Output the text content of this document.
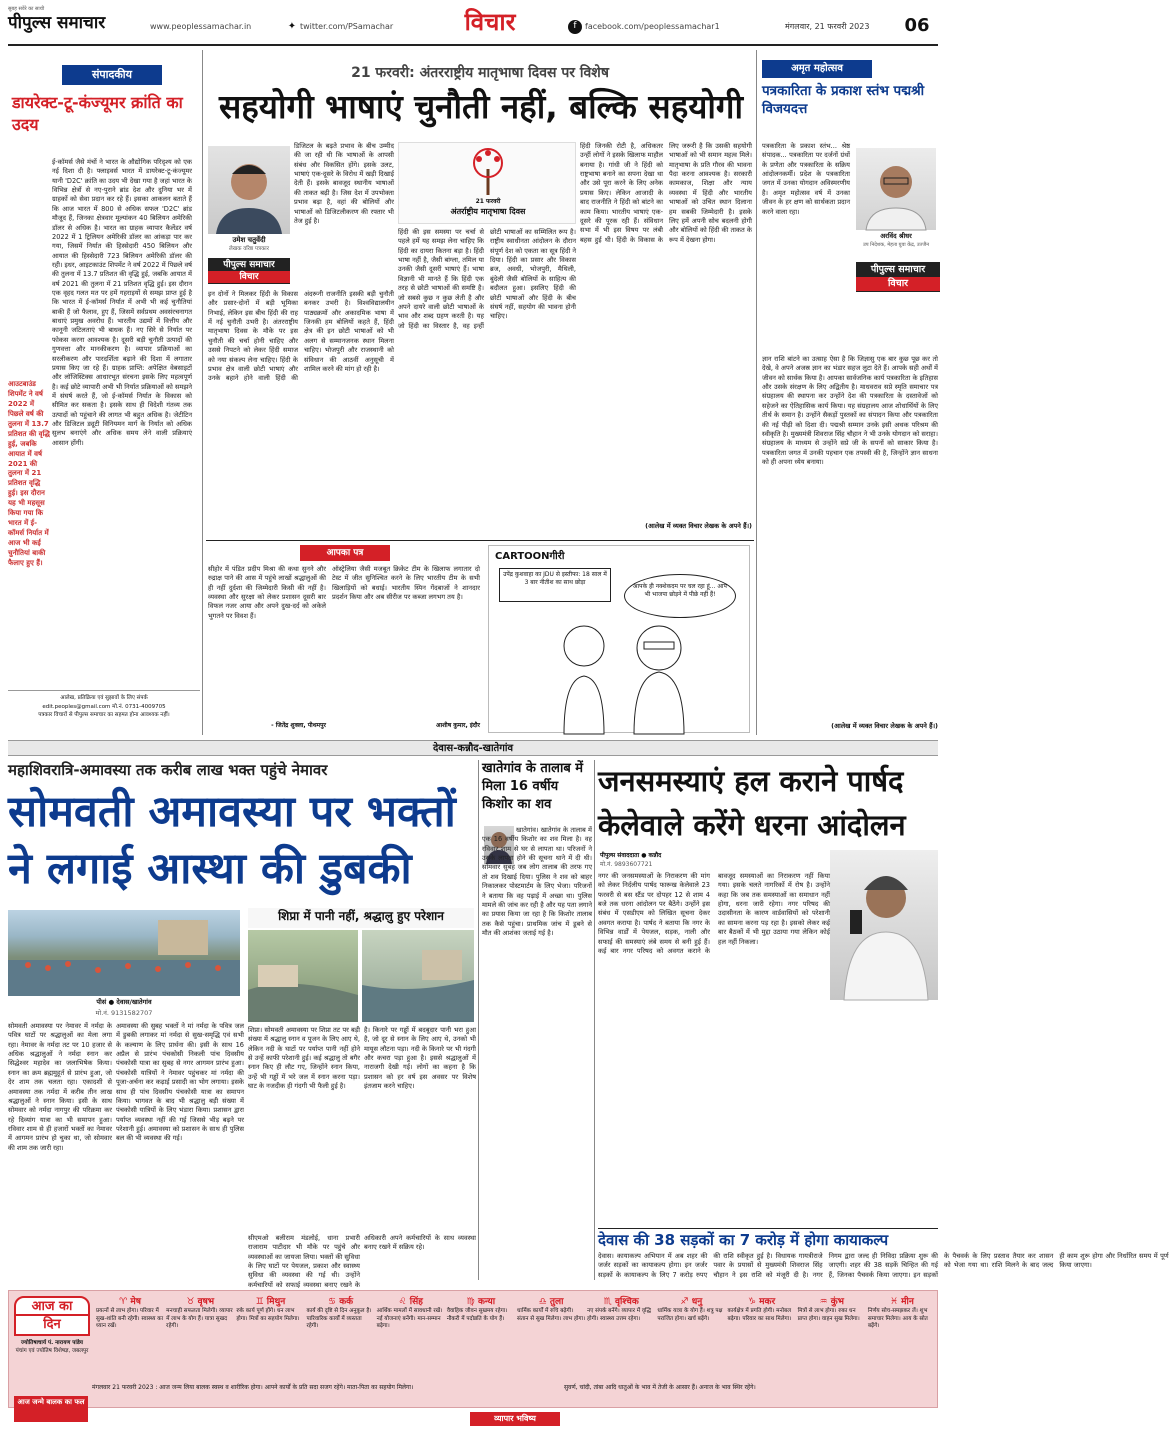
सुबह सवेरे का साथी
पीपुल्स समाचार	www.peoplessamachar.in	✦ twitter.com/PSamachar	विचार	f	facebook.com/peoplessamachar1	मंगलवार, 21 फरवरी 2023	06
संपादकीय
डायरेक्ट-टू-कंज्यूमर क्रांति का उदय
ई-कॉमर्स जैसे मंचों ने भारत के औद्योगिक परिदृश्य को एक नई दिशा दी है। फ्लाइवर्स भारत में डायरेक्ट-टू-कंज्यूमर यानी 'D2C' क्रांति का उदय भी देखा गया है जहां भारत के विभिन्न क्षेत्रों से नए-पुराने ब्रांड देश और दुनिया भर में ग्राहकों को सेवा प्रदान कर रहे हैं। इसका आकलन बताते हैं कि आज भारत में 800 से अधिक सफल 'D2C' ब्रांड मौजूद हैं, जिनका क्षेत्रवार मूल्यांकन 40 बिलियन अमेरिकी डॉलर से अधिक है। भारत का ग्राहक व्यापार कैलेंडर वर्ष 2022 में 1 ट्रिलियन अमेरिकी डॉलर का आंकड़ा पार कर गया, जिसमें निर्यात की हिस्सेदारी 450 बिलियन और आयात की हिस्सेदारी 723 बिलियन अमेरिकी डॉलर की रही। इधर, आइटकाउंट शिपमेंट ने वर्ष 2022 में पिछले वर्ष की तुलना में 13.7 प्रतिशत की वृद्धि हुई, जबकि आयात में वर्ष 2021 की तुलना में 21 प्रतिशत वृद्धि हुई। इस दौरान एक वृहद गलत मत पर हमें गहराइयों से समझ प्राप्त हुई है कि भारत में ई-कॉमर्स निर्यात में अभी भी कई चुनौतियां बाकी हैं जो फैलाव, हुए हैं, जिसमें सर्वप्रथम अवसंरचनागत बाधाएं प्रमुख अवरोध हैं। भारतीय उद्यमों में वित्तीय और कानूनी जटिलताएं भी बाधक हैं। नए सिरे से निर्यात पर फोकस करना आवश्यक है। दूसरी बड़ी चुनौती उत्पादों की गुणवत्ता और मानकीकरण है। व्यापार प्रक्रियाओं का सरलीकरण और पारदर्शिता बढ़ाने की दिशा में लगातार प्रयास किए जा रहे हैं। ग्राहक प्राप्ति: अपेक्षित वेबसाइटों और लॉजिस्टिक्स आधारभूत संरचना इसके लिए महत्वपूर्ण है। कई छोटे व्यापारी अभी भी निर्यात प्रक्रियाओं को समझने में संघर्ष करते हैं, जो ई-कॉमर्स निर्यात के विकास को सीमित कर सकता है। इसके साथ ही विदेशी गंतव्य तक उत्पादों को पहुंचाने की लागत भी बहुत अधिक है। जेटीटिन और डिजिटल ड्यूटी विनियमन मार्ग के निर्यात को अधिक सुलभ बनाएंगे और अधिक समय लेने वाली प्रक्रियाएं आसान होंगी।
आउटबाउंड शिपमेंट ने वर्ष 2022 में पिछले वर्ष की तुलना में 13.7 प्रतिशत की वृद्धि हुई, जबकि आयात में वर्ष 2021 की तुलना में 21 प्रतिशत वृद्धि हुई। इस दौरान यह भी महसूस किया गया कि भारत में ई-कॉमर्स निर्यात में आज भी कई चुनौतियां बाकी फैलाए हुए हैं।
आलेख, प्रतिक्रिया एवं सुझावों के लिए संपर्क
edit.peoples@gmail.com मो.नं. 0731-4009705
पत्रकार विचारों से पीपुल्स समाचार का सहमत होना आवश्यक नहीं।
21 फरवरी: अंतरराष्ट्रीय मातृभाषा दिवस पर विशेष
सहयोगी भाषाएं चुनौती नहीं, बल्कि सहयोगी
उमेश चतुर्वेदी
लेखक वरिष्ठ पत्रकार
पीपुल्स समाचार
विचार
डिजिटल के बढ़ते प्रभाव के बीच उम्मीद की जा रही थी कि भाषाओं के आपसी संबंध और विकसित होंगे। इसके उलट, भाषाएं एक-दूसरे के विरोध में खड़ी दिखाई देती हैं। इसके बावजूद स्थानीय भाषाओं की ताकत बढ़ी है। जिस देश में उपभोक्ता प्रभाव बढ़ा है, वहां की बोलियों और भाषाओं को डिजिटलीकरण की रफ्तार भी तेज हुई है।
इन दोनों ने मिलकर हिंदी के विकास और प्रसार-दोनों में बड़ी भूमिका निभाई, लेकिन इस बीच हिंदी की राह में नई चुनौती उभरी है। अंतरराष्ट्रीय मातृभाषा दिवस के मौके पर इस चुनौती की चर्चा होनी चाहिए और उससे निपटने को लेकर हिंदी समाज को नया संकल्प लेना चाहिए। हिंदी के प्रभाव क्षेत्र वाली छोटी भाषाएं और उनके बहाने होने वाली हिंदी की अंदरूनी राजनीति इसकी बड़ी चुनौती बनकर उभरी है। विश्वविद्यालयीन पाठ्यक्रमों और अकादमिक भाषा में जिनकी हम बोलियों कहते हैं, हिंदी क्षेत्र की इन छोटी भाषाओं को भी अलग से सम्मानजनक स्थान मिलना चाहिए। भोजपुरी और राजस्थानी को संविधान की आठवीं अनुसूची में शामिल करने की मांग हो रही है।
21 फरवरी
अंतर्राष्ट्रीय मातृभाषा दिवस
हिंदी की इस समस्या पर चर्चा से पहले हमें यह समझ लेना चाहिए कि हिंदी का दायरा कितना बड़ा है। हिंदी भाषा नहीं है, जैसी बांग्ला, तमिल या उनकी जैसी दूसरी भाषाएं हैं। भाषा विज्ञानी भी मानते हैं कि हिंदी एक तरह से छोटी भाषाओं की समष्टि है। जो सबसे कुछ न कुछ लेती है और अपने दायरे वाली छोटी भाषाओं के भाव और शब्द ग्रहण करती है। यह जो हिंदी का विस्तार है, वह इन्हीं छोटी भाषाओं का सम्मिलित रूप है। राष्ट्रीय स्वाधीनता आंदोलन के दौरान संपूर्ण देश को एकता का सूत्र हिंदी ने दिया। हिंदी का प्रसार और विकास ब्रज, अवधी, भोजपुरी, मैथिली, बुंदेली जैसी बोलियों के साहित्य की बदौलत हुआ। इसलिए हिंदी की छोटी भाषाओं और हिंदी के बीच संघर्ष नहीं, सहयोग की भावना होनी चाहिए।
हिंदी जिनकी रोटी है, अधिकतर उन्हीं लोगों ने इसके खिलाफ माहौल बनाया है। गांधी जी ने हिंदी को राष्ट्रभाषा बनाने का सपना देखा था और उसे पूरा करने के लिए अनेक प्रयास किए। लेकिन आजादी के बाद राजनीति ने हिंदी को बांटने का काम किया। भारतीय भाषाएं एक-दूसरे की पूरक रही हैं। संविधान सभा में भी इस विषय पर लंबी बहस हुई थी। हिंदी के विकास के लिए जरूरी है कि उसकी सहयोगी भाषाओं को भी समान महत्व मिले। मातृभाषा के प्रति गौरव की भावना पैदा करना आवश्यक है। सरकारी कामकाज, शिक्षा और न्याय व्यवस्था में हिंदी और भारतीय भाषाओं को उचित स्थान दिलाना हम सबकी जिम्मेदारी है। इसके लिए हमें अपनी सोच बदलनी होगी और बोलियों को हिंदी की ताकत के रूप में देखना होगा।
(आलेख में व्यक्त विचार लेखक के अपने हैं।)
आपका पत्र
सीहोर में पंडित प्रदीप मिश्रा की कथा सुनने और रुद्राक्ष पाने की आस में पहुंचे लाखों श्रद्धालुओं की ही नहीं दुर्दशा की जिम्मेदारी किसी की नहीं है। व्यवस्था और सुरक्षा को लेकर प्रशासन दूसरी बार विफल नजर आया और अपने दुख-दर्द को अकेले भुगतने पर विवश हैं।
- जितेंद्र शुक्ला, पीथमपुर
ऑस्ट्रेलिया जैसी मजबूत क्रिकेट टीम के खिलाफ लगातार दो टेस्ट में जीत सुनिश्चित करने के लिए भारतीय टीम के सभी खिलाड़ियों को बधाई। भारतीय स्पिन गेंदबाजों ने शानदार प्रदर्शन किया और अब सीरीज पर कब्जा लगभग तय है।
आशीष कुमार, इंदौर
CARTOONगीरी
उपेंद्र कुशवाहा का JDU से इस्तीफा: 18 साल में 3 बार नीतीश का साथ छोड़ा
आपके ही नक्शेकदम पर चल रहा हूं... आप भी भाजपा छोड़ने में पीछे नहीं हैं!
अमृत महोत्सव
पत्रकारिता के प्रकाश स्तंभ पद्मश्री विजयदत्त
पत्रकारिता के प्रकाश स्तंभ... श्रेष्ठ संपादक... पत्रकारिता पर दर्जनों ग्रंथों के प्रणेता और पत्रकारिता के सक्रिय आंदोलनकर्मी। प्रदेश के पत्रकारिता जगत में उनका योगदान अविस्मरणीय है। अमृत महोत्सव वर्ष में उनका जीवन के हर क्षण को सार्थकता प्रदान करने वाला रहा।
अरविंद श्रीधर
उप निदेशक, मेहता युवा केंद्र, उज्जैन
पीपुल्स समाचार
विचार
ज्ञान राशि बांटने का उत्साह ऐसा है कि जिज्ञासु एक बार कुछ पूछ कर तो देखे, वे अपने अजस्र ज्ञान का भंडार सहज लुटा देते हैं। आपके सही अर्थों में जीवन को सार्थक किया है। आपका सार्वजनिक कार्य पत्रकारिता के इतिहास और उसके संरक्षण के लिए अद्वितीय है। माधवराव सप्रे स्मृति समाचार पत्र संग्रहालय की स्थापना कर उन्होंने देश की पत्रकारिता के दस्तावेजों को सहेजने का ऐतिहासिक कार्य किया। यह संग्रहालय आज शोधार्थियों के लिए तीर्थ के समान है। उन्होंने सैकड़ों पुस्तकों का संपादन किया और पत्रकारिता की नई पीढ़ी को दिशा दी। पद्मश्री सम्मान उनके इसी अथक परिश्रम की स्वीकृति है। मुख्यमंत्री शिवराज सिंह चौहान ने भी उनके योगदान को सराहा। संग्रहालय के माध्यम से उन्होंने सप्रे जी के सपनों को साकार किया है। पत्रकारिता जगत में उनकी पहचान एक तपस्वी की है, जिन्होंने ज्ञान साधना को ही अपना ध्येय बनाया।
(आलेख में व्यक्त विचार लेखक के अपने हैं।)
देवास-कन्नौद-खातेगांव
महाशिवरात्रि-अमावस्या तक करीब लाख भक्त पहुंचे नेमावर
सोमवती अमावस्या पर भक्तों ने लगाई आस्था की डुबकी
पीसं ● देवास/खातेगांव
मो.नं. 9131582707
सोमवती अमावस्या पर नेमावर में नर्मदा के पवित्र घाटों पर श्रद्धालुओं का मेला लगा रहा। नेमावर के नर्मदा तट पर 10 हजार से अधिक श्रद्धालुओं ने नर्मदा स्नान कर सिद्धेश्वर महादेव का जलाभिषेक किया। स्नान का क्रम ब्रह्ममुहूर्त से प्रारंभ हुआ, जो देर शाम तक चलता रहा। एकादशी से अमावस्या तक नर्मदा में करीब तीन लाख श्रद्धालुओं ने स्नान किया। इसी के साथ सोमवार को नर्मदा नागपुर की परिक्रमा कर रहे दिव्यांग यात्रा का भी समापन हुआ। रविवार शाम से ही हजारों भक्तों का नेमावर में आगमन प्रारंभ हो चुका था, जो सोमवार की शाम तक जारी रहा।
अमावस्या की सुबह भक्तों ने मां नर्मदा के पवित्र जल में डुबकी लगाकर मां नर्मदा से सुख-समृद्धि एवं सभी के कल्याण के लिए प्रार्थना की। इसी के साथ 16 अप्रैल से प्रारंभ पंचकोसी निकली पांच दिवसीय पंचकोसी यात्रा का सुबह से नगर आगमन प्रारंभ हुआ। पंचकोसी यात्रियों ने नेमावर पहुंचकर मां नर्मदा की पूजा-अर्चना कर कढ़ाई प्रसादी का भोग लगाया। इसके साथ ही पांच दिवसीय पंचकोसी यात्रा का समापन किया। भागवत के बाद भी श्रद्धालु बड़ी संख्या में पंचकोसी यात्रियों के लिए भंडारा किया। प्रशासन द्वारा पर्याप्त व्यवस्था नहीं की गई जिससे भीड़ बढ़ने पर परेशानी हुई। अमावस्या को प्रशासन के साथ ही पुलिस बल की भी व्यवस्था की गई।
शिप्रा में पानी नहीं, श्रद्धालु हुए परेशान
शिप्रा। सोमवती अमावस्या पर शिप्रा तट पर बड़ी संख्या में श्रद्धालु स्नान व पूजन के लिए आए थे, लेकिन नदी के घाटों पर पर्याप्त पानी नहीं होने से उन्हें काफी परेशानी हुई। कई श्रद्धालु तो बगैर स्नान किए ही लौट गए, जिन्होंने स्नान किया, उन्हें भी गड्ढों में भरे जल में स्नान करना पड़ा। घाट के नजदीक ही गंदगी भी फैली हुई है।
है। किनारे पर गड्ढों में बदबूदार पानी भरा हुआ है, जो दूर से स्नान के लिए आए थे, उनको भी मायूस लौटना पड़ा। नदी के किनारे पर भी गंदगी और कचरा पड़ा हुआ है। इससे श्रद्धालुओं में नाराजगी देखी गई। लोगों का कहना है कि प्रशासन को हर वर्ष इस अवसर पर विशेष इंतजाम करने चाहिए।
सीएमओ बलीराम मंडलोई, धाना प्रभारी राजाराम पाटीदार भी मौके पर पहुंचे और व्यवस्थाओं का जायजा लिया। भक्तों की सुविधा के लिए घाटों पर पेयजल, प्रकाश और स्वास्थ्य सुविधा की व्यवस्था की गई थी। उन्होंने कर्मचारियों को सफाई व्यवस्था बनाए रखने के
अधिकारी अपने कर्मचारियों के साथ व्यवस्था बनाए रखने में सक्रिय रहे।
खातेगांव के तालाब में मिला 16 वर्षीय किशोर का शव
खातेगांव। खातेगांव के तालाब में एक 16 वर्षीय किशोर का शव मिला है। वह रविवार शाम से घर से लापता था। परिजनों ने उसके लापता होने की सूचना थाने में दी थी। सोमवार सुबह जब लोग तालाब की तरफ गए तो शव दिखाई दिया। पुलिस ने शव को बाहर निकालकर पोस्टमार्टम के लिए भेजा। परिजनों ने बताया कि वह पढ़ाई में अच्छा था। पुलिस मामले की जांच कर रही है और यह पता लगाने का प्रयास किया जा रहा है कि किशोर तालाब तक कैसे पहुंचा। प्राथमिक जांच में डूबने से मौत की आशंका जताई गई है।
जनसमस्याएं हल कराने पार्षद केलेवाले करेंगे धरना आंदोलन
पीपुल्स संवाददाता ● कन्नौद
मो.नं. 9893607721
नगर की जनसमस्याओं के निराकरण की मांग को लेकर निर्दलीय पार्षद फारूख केलेवाले 23 फरवरी से बस स्टैंड पर दोपहर 12 से शाम 4 बजे तक धरना आंदोलन पर बैठेंगे। उन्होंने इस संबंध में एसडीएम को लिखित सूचना देकर अवगत कराया है। पार्षद ने बताया कि नगर के विभिन्न वार्डों में पेयजल, सड़क, नाली और सफाई की समस्याएं लंबे समय से बनी हुई हैं। कई बार नगर परिषद को अवगत कराने के बावजूद समस्याओं का निराकरण नहीं किया गया। इसके चलते नागरिकों में रोष है। उन्होंने कहा कि जब तक समस्याओं का समाधान नहीं होगा, धरना जारी रहेगा। नगर परिषद की उदासीनता के कारण वार्डवासियों को परेशानी का सामना करना पड़ रहा है। इसको लेकर कई बार बैठकों में भी मुद्दा उठाया गया लेकिन कोई हल नहीं निकला।
देवास की 38 सड़कों का 7 करोड़ में होगा कायाकल्प
देवास। कायाकल्प अभियान में अब शहर की जर्जर सड़कों का कायाकल्प होगा। इन जर्जर सड़कों के कायाकल्प के लिए 7 करोड़ रुपए की राशि स्वीकृत हुई है। विधायक गायत्रीराजे पवार के प्रयासों से मुख्यमंत्री शिवराज सिंह चौहान ने इस राशि को मंजूरी दी है। नगर निगम द्वारा जल्द ही निविदा प्रक्रिया शुरू की जाएगी। शहर की 38 सड़कें चिन्हित की गई हैं, जिनका पैचवर्क किया जाएगा। इन सड़कों के पैचवर्क के लिए प्रस्ताव तैयार कर शासन को भेजा गया था। राशि मिलने के बाद जल्द ही काम शुरू होगा और निर्धारित समय में पूर्ण किया जाएगा।
आज का
दिन
ज्योतिषाचार्य पं. नारायण पांडेय
पंचांग एवं ज्योतिष विशेषज्ञ, जबलपुर
♈ मेष
प्रयत्नों से लाभ होगा। परिवार में सुख-शांति बनी रहेगी। स्वास्थ्य का ध्यान रखें।
♉ वृषभ
मनचाही सफलता मिलेगी। व्यापार में लाभ के योग हैं। यात्रा सुखद रहेगी।
♊ मिथुन
रुके कार्य पूर्ण होंगे। धन लाभ होगा। मित्रों का सहयोग मिलेगा।
♋ कर्क
कार्य की दृष्टि से दिन अनुकूल है। पारिवारिक कार्यों में व्यस्तता रहेगी।
♌ सिंह
आर्थिक मामलों में सावधानी रखें। नई योजनाएं बनेंगी। मान-सम्मान बढ़ेगा।
♍ कन्या
वैवाहिक जीवन सुखमय रहेगा। नौकरी में पदोन्नति के योग हैं।
♎ तुला
धार्मिक कार्यों में रुचि बढ़ेगी। संतान से सुख मिलेगा। लाभ होगा।
♏ वृश्चिक
नए संपर्क बनेंगे। व्यापार में वृद्धि होगी। स्वास्थ्य उत्तम रहेगा।
♐ धनु
धार्मिक यात्रा के योग हैं। शत्रु पक्ष पराजित होगा। खर्च बढ़ेंगे।
♑ मकर
कार्यक्षेत्र में प्रगति होगी। मनोबल बढ़ेगा। परिवार का साथ मिलेगा।
♒ कुंभ
मित्रों से लाभ होगा। रुका धन प्राप्त होगा। वाहन सुख मिलेगा।
♓ मीन
निर्णय सोच-समझकर लें। शुभ समाचार मिलेगा। आय के स्रोत बढ़ेंगे।
आज जन्मे बालक का फल
मंगलवार 21 फरवरी 2023 : आज जन्म लिया बालक स्वस्थ व शारीरिक होगा। आपने कार्यों के प्रति सदा सजग रहेंगे। माता-पिता का सहयोग मिलेगा।
व्यापार भविष्य
सुवर्ण, चांदी, तांबा आदि धातुओं के भाव में तेजी के आसार हैं। अनाज के भाव स्थिर रहेंगे।
